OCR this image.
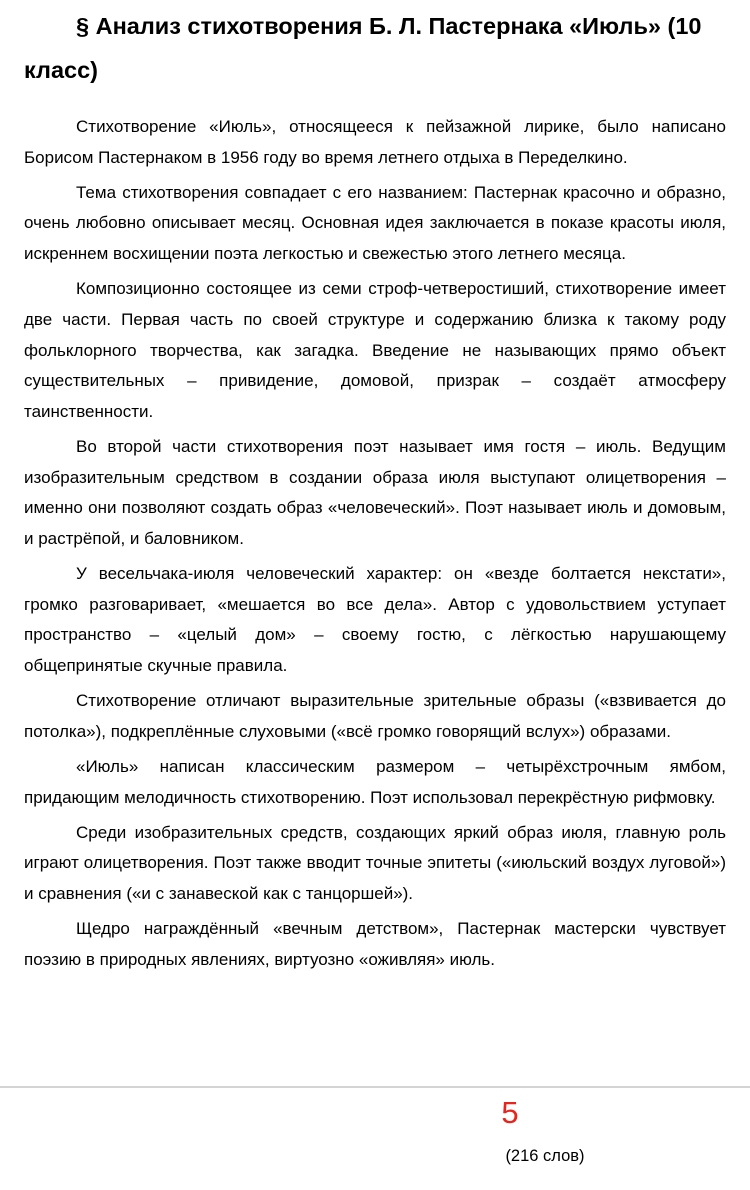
§ Анализ стихотворения Б. Л. Пастернака «Июль» (10 класс)

Стихотворение «Июль», относящееся к пейзажной лирике, было написано Борисом Пастернаком в 1956 году во время летнего отдыха в Переделкино.

Тема стихотворения совпадает с его названием: Пастернак красочно и образно, очень любовно описывает месяц. Основная идея заключается в показе красоты июля, искреннем восхищении поэта легкостью и свежестью этого летнего месяца.

Композиционно состоящее из семи строф-четверостиший, стихотворение имеет две части. Первая часть по своей структуре и содержанию близка к такому роду фольклорного творчества, как загадка. Введение не называющих прямо объект существительных – привидение, домовой, призрак – создаёт атмосферу таинственности.

Во второй части стихотворения поэт называет имя гостя – июль. Ведущим изобразительным средством в создании образа июля выступают олицетворения – именно они позволяют создать образ «человеческий». Поэт называет июль и домовым, и растрёпой, и баловником.

У весельчака-июля человеческий характер: он «везде болтается некстати», громко разговаривает, «мешается во все дела». Автор с удовольствием уступает пространство – «целый дом» – своему гостю, с лёгкостью нарушающему общепринятые скучные правила.

Стихотворение отличают выразительные зрительные образы («взвивается до потолка»), подкреплённые слуховыми («всё громко говорящий вслух») образами.

«Июль» написан классическим размером – четырёхстрочным ямбом, придающим мелодичность стихотворению. Поэт использовал перекрёстную рифмовку.

Среди изобразительных средств, создающих яркий образ июля, главную роль играют олицетворения. Поэт также вводит точные эпитеты («июльский воздух луговой») и сравнения («и с занавеской как с танцоршей»).

Щедро награждённый «вечным детством», Пастернак мастерски чувствует поэзию в природных явлениях, виртуозно «оживляя» июль.

5
(216 слов)
